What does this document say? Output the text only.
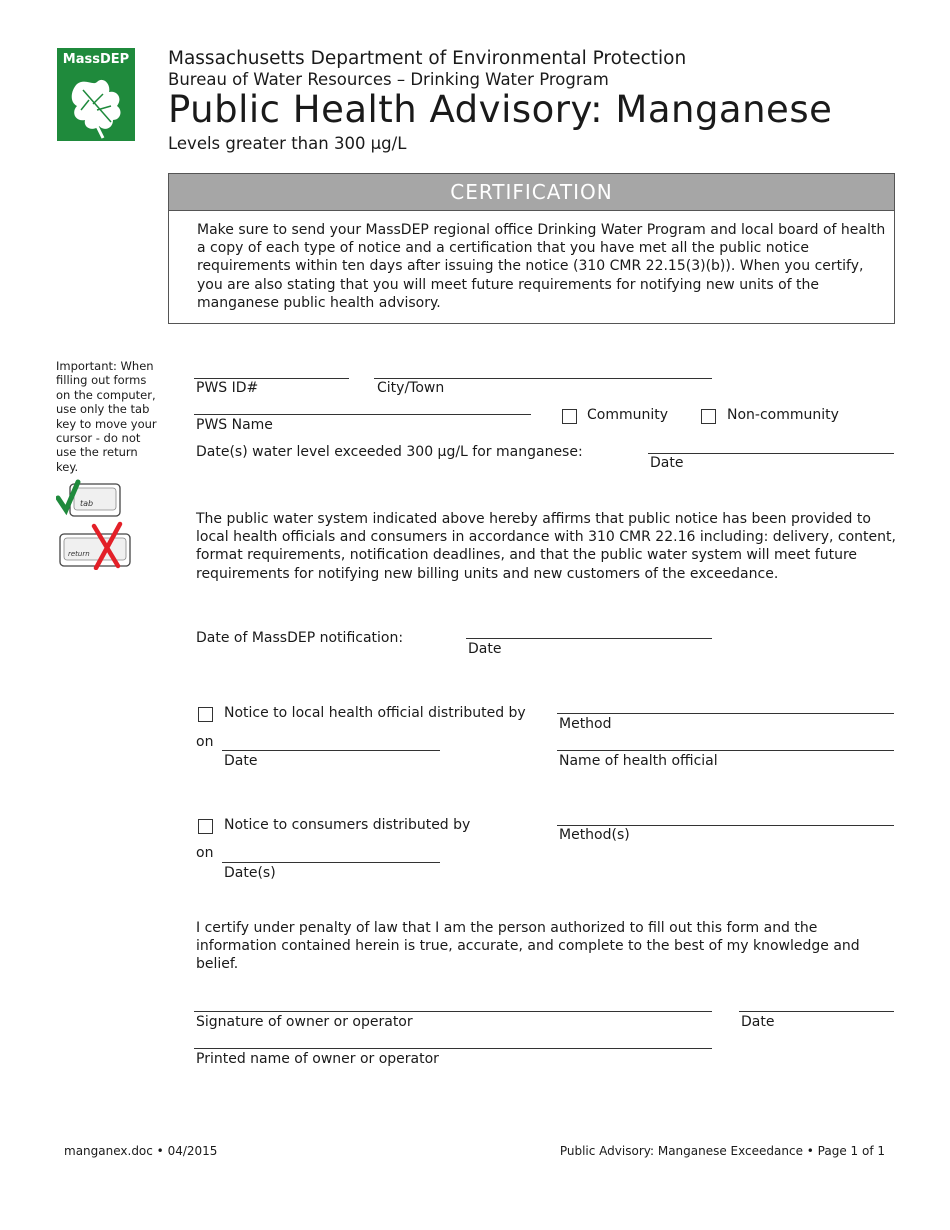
MassDEP	Massachusetts Department of Environmental Protection
Bureau of Water Resources – Drinking Water Program
Public Health Advisory: Manganese
Levels greater than 300 µg/L
CERTIFICATION
Make sure to send your MassDEP regional office Drinking Water Program and local board of health a copy of each type of notice and a certification that you have met all the public notice requirements within ten days after issuing the notice (310 CMR 22.15(3)(b)). When you certify, you are also stating that you will meet future requirements for notifying new units of the manganese public health advisory.
Important: When filling out forms on the computer, use only the tab key to move your cursor - do not use the return key.
tab
return
PWS ID#	City/Town
PWS Name
Community	Non-community
Date(s) water level exceeded 300 µg/L for manganese:
Date
The public water system indicated above hereby affirms that public notice has been provided to local health officials and consumers in accordance with 310 CMR 22.16 including: delivery, content, format requirements, notification deadlines, and that the public water system will meet future requirements for notifying new billing units and new customers of the exceedance.
Date of MassDEP notification:
Date
Notice to local health official distributed by
Method
on
Date	Name of health official
Notice to consumers distributed by
Method(s)
on
Date(s)
I certify under penalty of law that I am the person authorized to fill out this form and the information contained herein is true, accurate, and complete to the best of my knowledge and belief.
Signature of owner or operator	Date
Printed name of owner or operator
manganex.doc • 04/2015	Public Advisory: Manganese Exceedance • Page 1 of 1
